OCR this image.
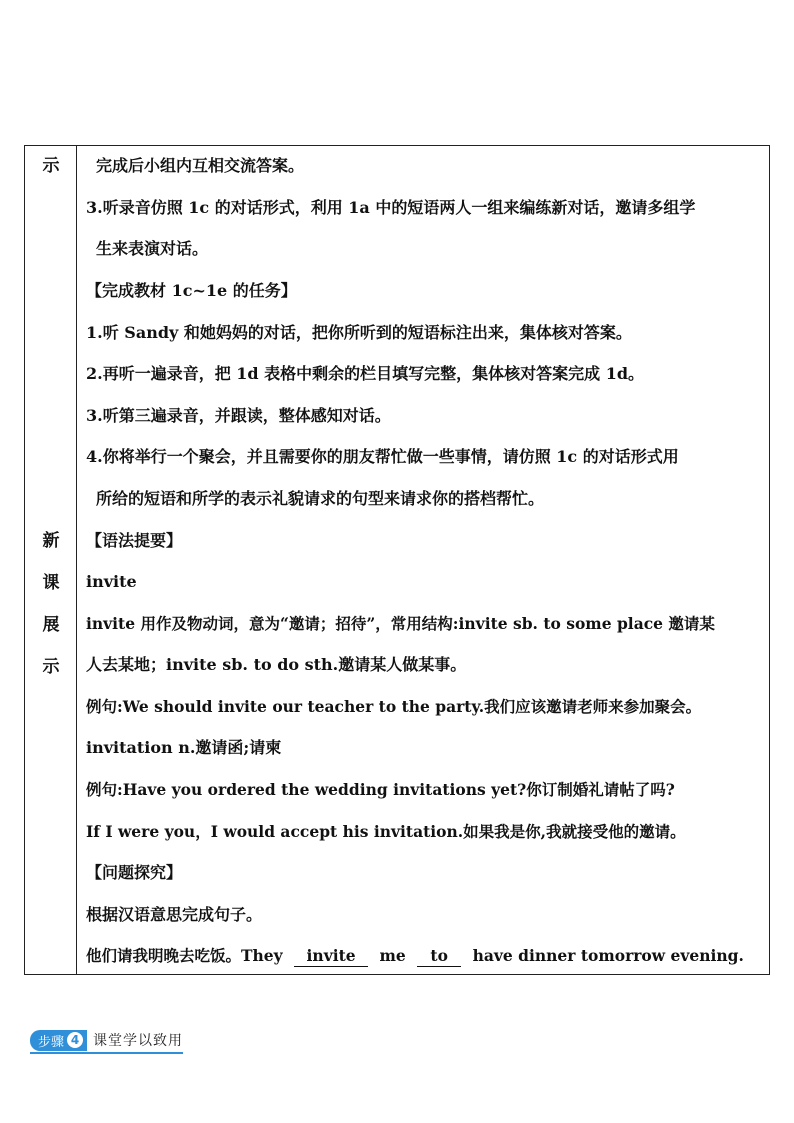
示
新
课
展
示
完成后小组内互相交流答案。
3.听录音仿照 1c 的对话形式，利用 1a 中的短语两人一组来编练新对话，邀请多组学
生来表演对话。
【完成教材 1c~1e 的任务】
1.听 Sandy 和她妈妈的对话，把你所听到的短语标注出来，集体核对答案。
2.再听一遍录音，把 1d 表格中剩余的栏目填写完整，集体核对答案完成 1d。
3.听第三遍录音，并跟读，整体感知对话。
4.你将举行一个聚会，并且需要你的朋友帮忙做一些事情，请仿照 1c 的对话形式用
所给的短语和所学的表示礼貌请求的句型来请求你的搭档帮忙。
【语法提要】
invite
invite 用作及物动词，意为“邀请；招待”，常用结构:invite sb. to some place 邀请某
人去某地；invite sb. to do sth.邀请某人做某事。
例句:We should invite our teacher to the party.我们应该邀请老师来参加聚会。
invitation n.邀请函;请柬
例句:Have you ordered the wedding invitations yet?你订制婚礼请帖了吗?
If I were you，I would accept his invitation.如果我是你,我就接受他的邀请。
【问题探究】
根据汉语意思完成句子。
他们请我明晚去吃饭。They invite me to have dinner tomorrow evening.
步骤 4 课堂学以致用
